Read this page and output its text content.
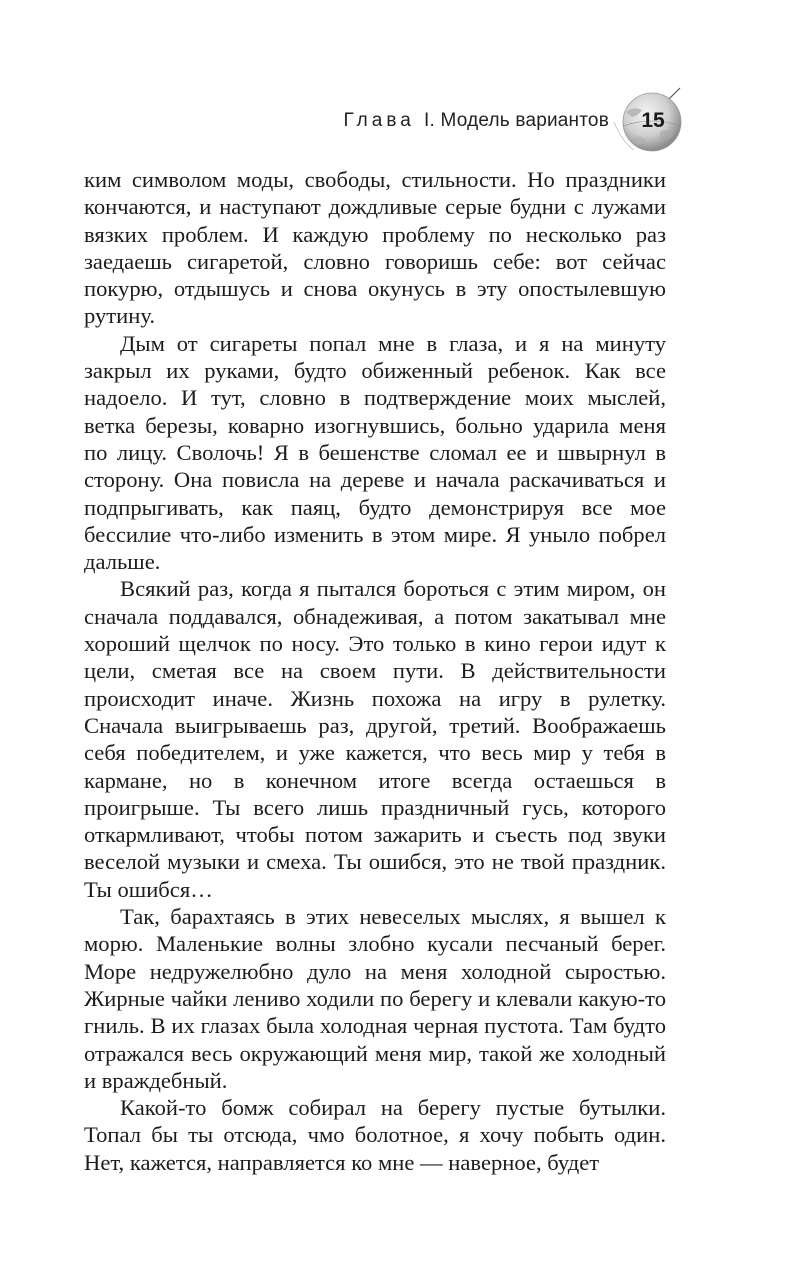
Глава I. Модель вариантов 15

ким символом моды, свободы, стильности. Но праздники кончаются, и наступают дождливые серые будни с лужами вязких проблем. И каждую проблему по несколько раз заедаешь сигаретой, словно говоришь себе: вот сейчас покурю, отдышусь и снова окунусь в эту опостылевшую рутину.

Дым от сигареты попал мне в глаза, и я на минуту закрыл их руками, будто обиженный ребенок. Как все надоело. И тут, словно в подтверждение моих мыслей, ветка березы, коварно изогнувшись, больно ударила меня по лицу. Сволочь! Я в бешенстве сломал ее и швырнул в сторону. Она повисла на дереве и начала раскачиваться и подпрыгивать, как паяц, будто демонстрируя все мое бессилие что-либо изменить в этом мире. Я уныло побрел дальше.

Всякий раз, когда я пытался бороться с этим миром, он сначала поддавался, обнадеживая, а потом закатывал мне хороший щелчок по носу. Это только в кино герои идут к цели, сметая все на своем пути. В действительности происходит иначе. Жизнь похожа на игру в рулетку. Сначала выигрываешь раз, другой, третий. Воображаешь себя победителем, и уже кажется, что весь мир у тебя в кармане, но в конечном итоге всегда остаешься в проигрыше. Ты всего лишь праздничный гусь, которого откармливают, чтобы потом зажарить и съесть под звуки веселой музыки и смеха. Ты ошибся, это не твой праздник. Ты ошибся…

Так, барахтаясь в этих невеселых мыслях, я вышел к морю. Маленькие волны злобно кусали песчаный берег. Море недружелюбно дуло на меня холодной сыростью. Жирные чайки лениво ходили по берегу и клевали какую-то гниль. В их глазах была холодная черная пустота. Там будто отражался весь окружающий меня мир, такой же холодный и враждебный.

Какой-то бомж собирал на берегу пустые бутылки. Топал бы ты отсюда, чмо болотное, я хочу побыть один. Нет, кажется, направляется ко мне — наверное, будет
